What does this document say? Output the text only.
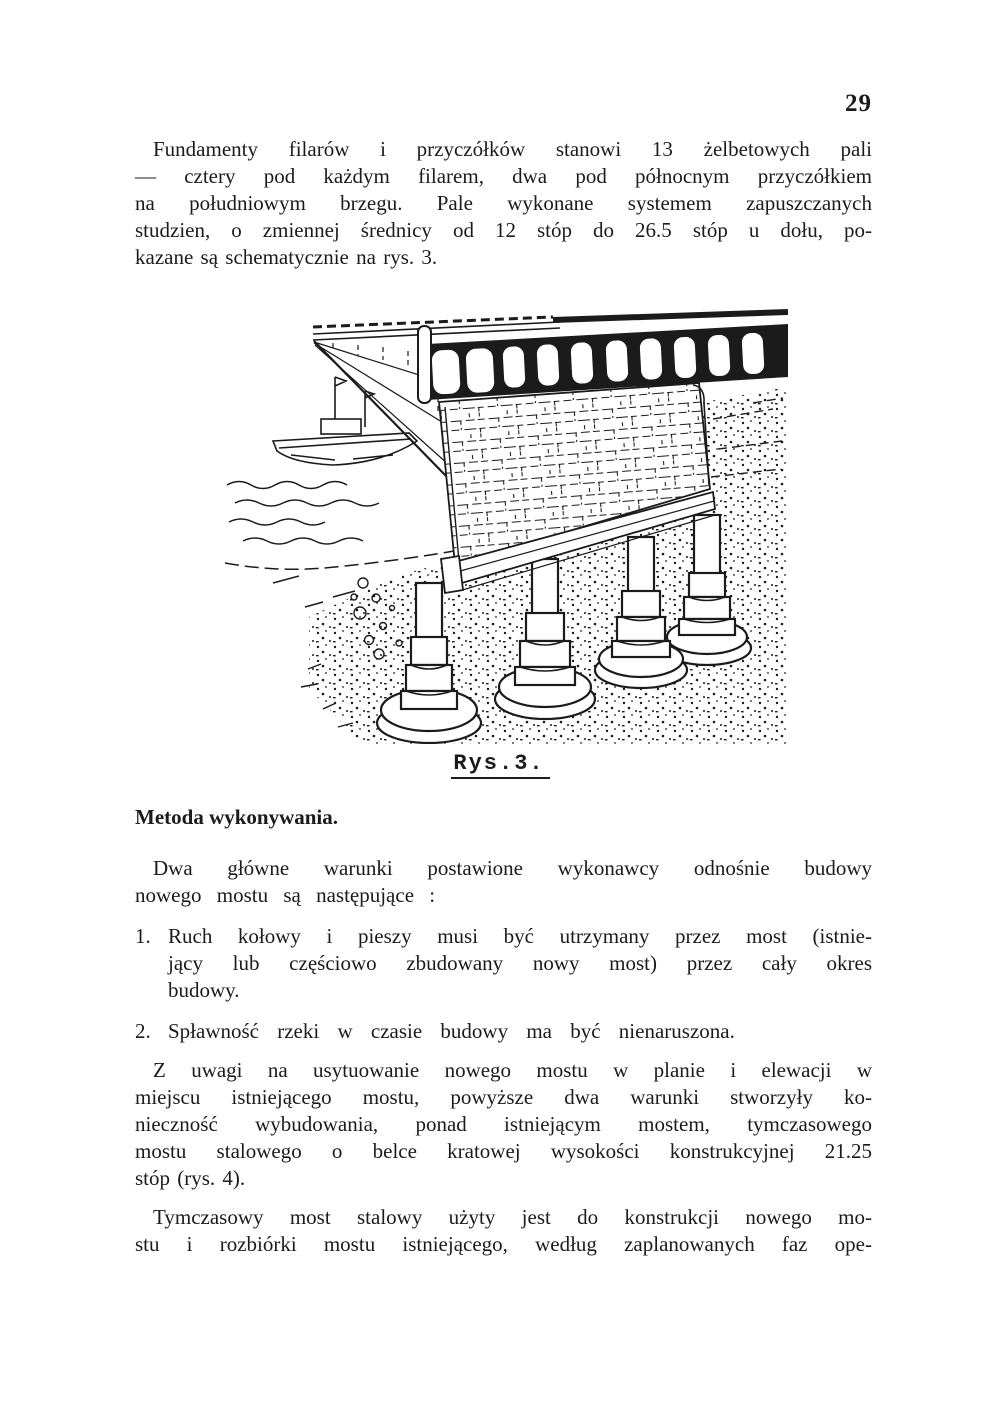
29
Fundamenty filarów i przyczółków stanowi 13 żelbetowych pali
— cztery pod każdym filarem, dwa pod północnym przyczółkiem
na południowym brzegu. Pale wykonane systemem zapuszczanych
studzien, o zmiennej średnicy od 12 stóp do 26.5 stóp u dołu, po-
kazane są schematycznie na rys. 3.
Rys.3.
Metoda wykonywania.
Dwa główne warunki postawione wykonawcy odnośnie budowy
nowego mostu są następujące :
1. Ruch kołowy i pieszy musi być utrzymany przez most (istnie-
jący lub częściowo zbudowany nowy most) przez cały okres
budowy.
2. Spławność rzeki w czasie budowy ma być nienaruszona.
Z uwagi na usytuowanie nowego mostu w planie i elewacji w
miejscu istniejącego mostu, powyższe dwa warunki stworzyły ko-
nieczność wybudowania, ponad istniejącym mostem, tymczasowego
mostu stalowego o belce kratowej wysokości konstrukcyjnej 21.25
stóp (rys. 4).
Tymczasowy most stalowy użyty jest do konstrukcji nowego mo-
stu i rozbiórki mostu istniejącego, według zaplanowanych faz ope-
